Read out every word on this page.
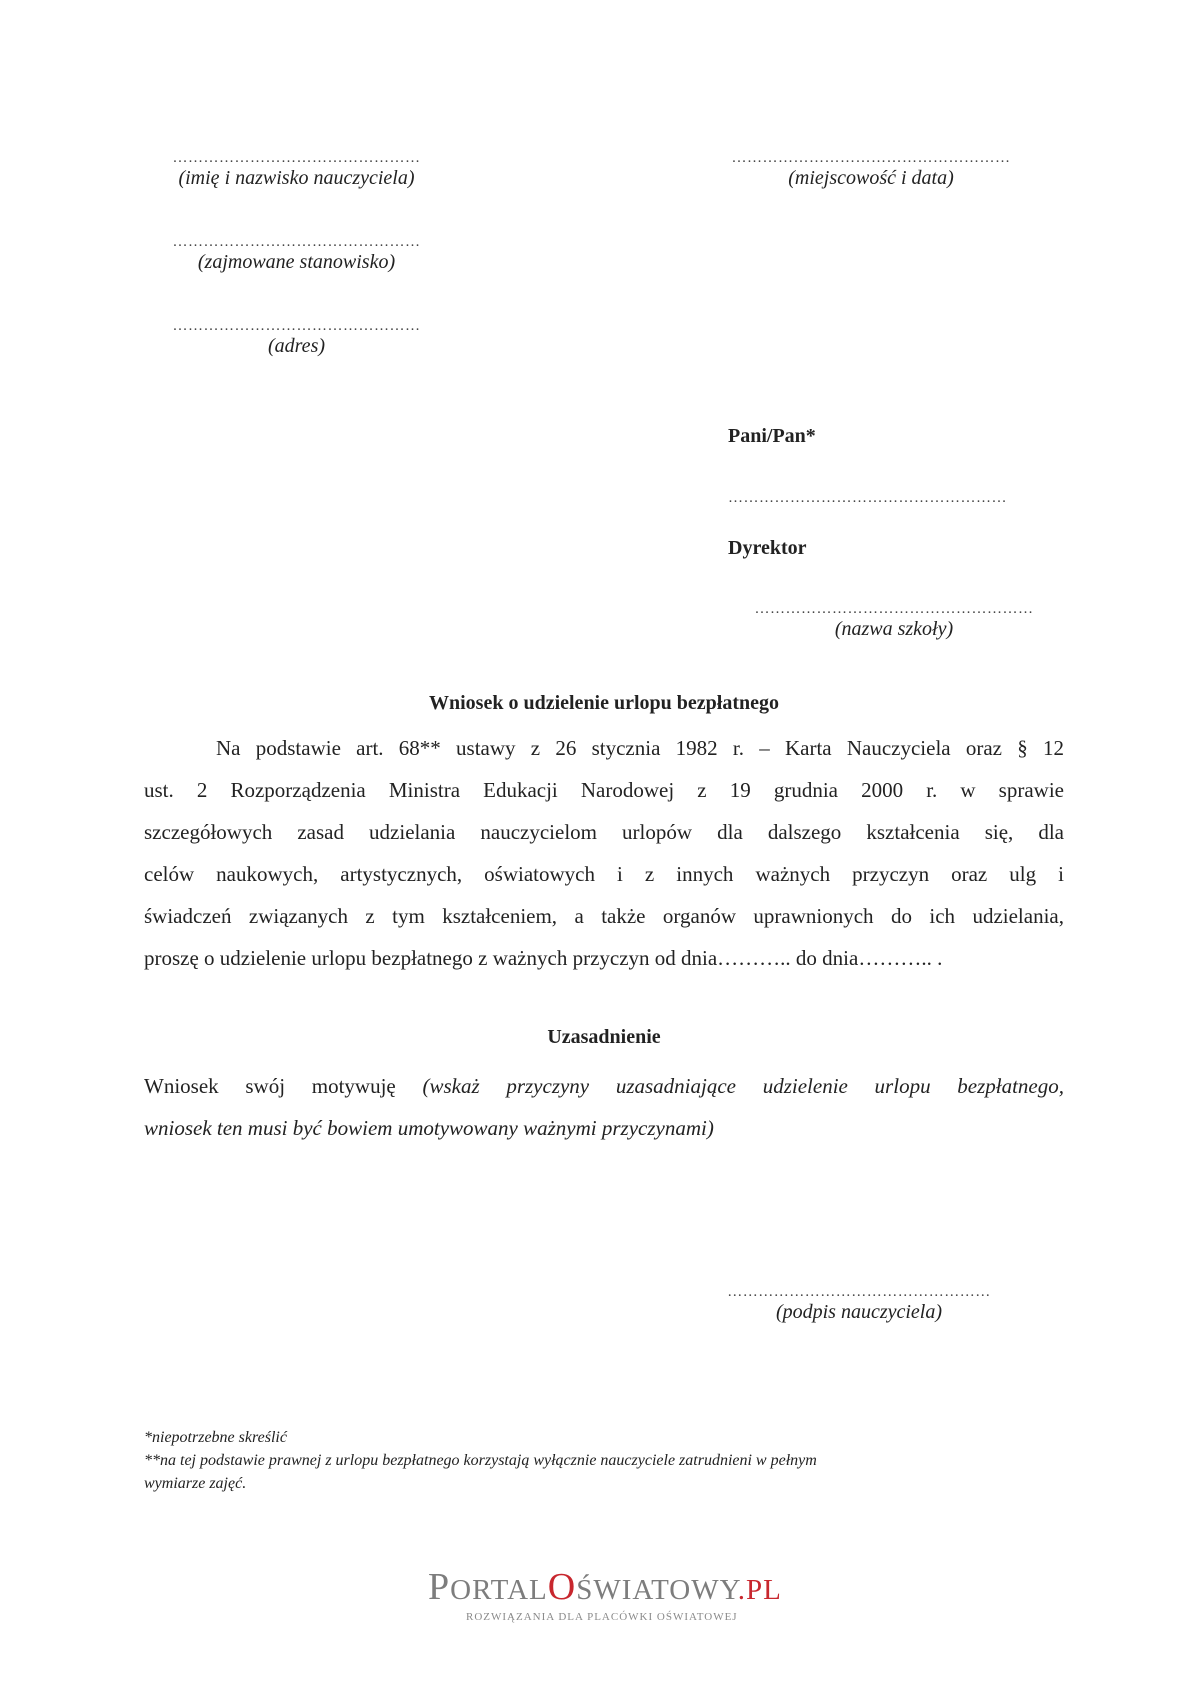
…………………………………………
(imię i nazwisko nauczyciela)
…………………………………………
(zajmowane stanowisko)
…………………………………………
(adres)
………………………………………………
(miejscowość i data)
Pani/Pan*
………………………………………………
Dyrektor
………………………………………………
(nazwa szkoły)
Wniosek o udzielenie urlopu bezpłatnego
Na podstawie art. 68** ustawy z 26 stycznia 1982 r. – Karta Nauczyciela oraz § 12
ust. 2 Rozporządzenia Ministra Edukacji Narodowej z 19 grudnia 2000 r. w sprawie
szczegółowych zasad udzielania nauczycielom urlopów dla dalszego kształcenia się, dla
celów naukowych, artystycznych, oświatowych i z innych ważnych przyczyn oraz ulg i
świadczeń związanych z tym kształceniem, a także organów uprawnionych do ich udzielania,
proszę o udzielenie urlopu bezpłatnego z ważnych przyczyn od dnia……….. do dnia……….. .
Uzasadnienie
Wniosek swój motywuję (wskaż przyczyny uzasadniające udzielenie urlopu bezpłatnego,
wniosek ten musi być bowiem umotywowany ważnymi przyczynami)
……………………………………………
(podpis nauczyciela)
*niepotrzebne skreślić
**na tej podstawie prawnej z urlopu bezpłatnego korzystają wyłącznie nauczyciele zatrudnieni w pełnym
wymiarze zajęć.
PORTALOŚWIATOWY.PL
ROZWIĄZANIA DLA PLACÓWKI OŚWIATOWEJ
